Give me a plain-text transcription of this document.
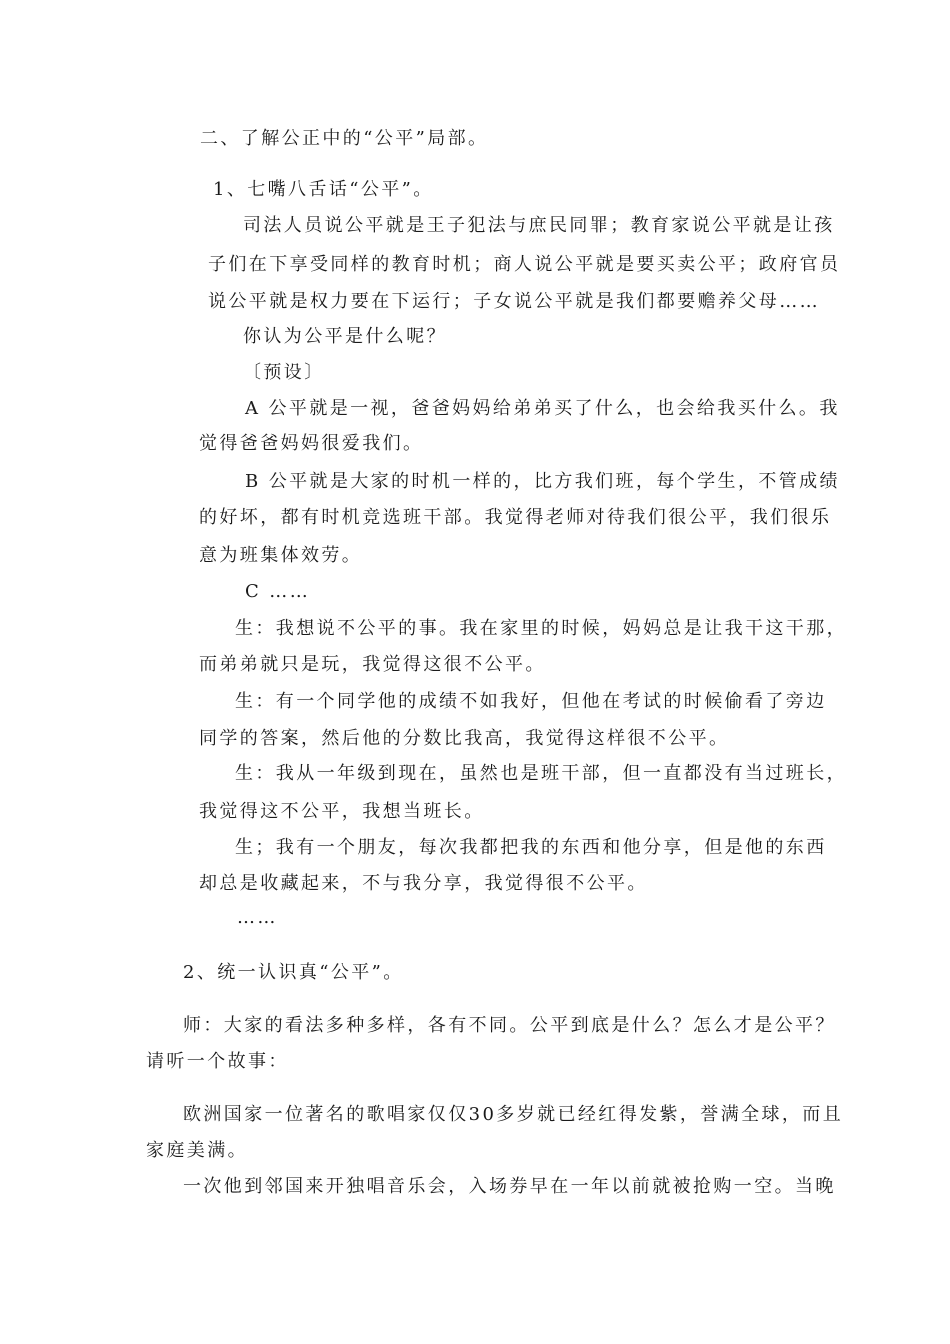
二、了解公正中的“公平”局部。
1、七嘴八舌话“公平”。
司法人员说公平就是王子犯法与庶民同罪；教育家说公平就是让孩
子们在下享受同样的教育时机；商人说公平就是要买卖公平；政府官员
说公平就是权力要在下运行；子女说公平就是我们都要赡养父母……
你认为公平是什么呢？
〔预设〕
A 公平就是一视，爸爸妈妈给弟弟买了什么，也会给我买什么。我
觉得爸爸妈妈很爱我们。
B 公平就是大家的时机一样的，比方我们班，每个学生，不管成绩
的好坏，都有时机竞选班干部。我觉得老师对待我们很公平，我们很乐
意为班集体效劳。
C ……
生：我想说不公平的事。我在家里的时候，妈妈总是让我干这干那，
而弟弟就只是玩，我觉得这很不公平。
生：有一个同学他的成绩不如我好，但他在考试的时候偷看了旁边
同学的答案，然后他的分数比我高，我觉得这样很不公平。
生：我从一年级到现在，虽然也是班干部，但一直都没有当过班长，
我觉得这不公平，我想当班长。
生；我有一个朋友，每次我都把我的东西和他分享，但是他的东西
却总是收藏起来，不与我分享，我觉得很不公平。
……
2、统一认识真“公平”。
师：大家的看法多种多样，各有不同。公平到底是什么？怎么才是公平？
请听一个故事：
欧洲国家一位著名的歌唱家仅仅30多岁就已经红得发紫，誉满全球，而且
家庭美满。
一次他到邻国来开独唱音乐会，入场券早在一年以前就被抢购一空。当晚
